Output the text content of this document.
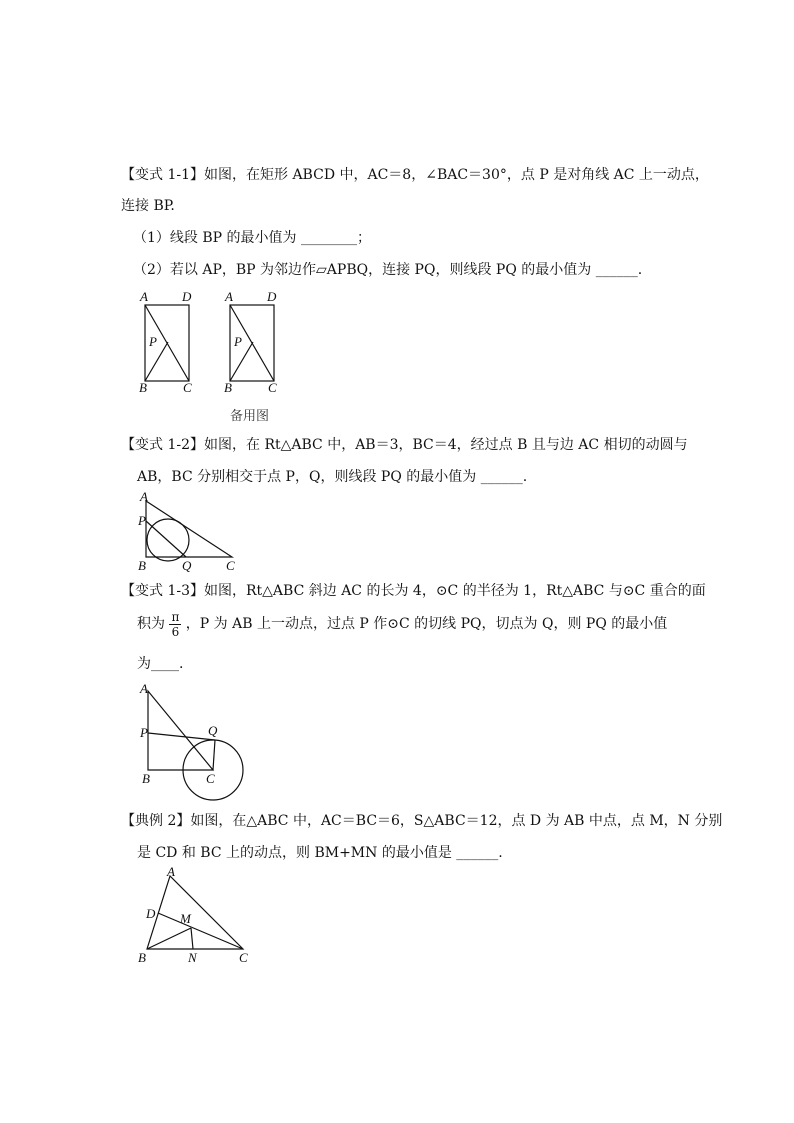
【变式 1-1】如图，在矩形 ABCD 中，AC＝8，∠BAC＝30°，点 P 是对角线 AC 上一动点，
连接 BP.
（1）线段 BP 的最小值为 ________；
（2）若以 AP，BP 为邻边作▱APBQ，连接 PQ，则线段 PQ 的最小值为 ______.
A	D
P
B	C
A	D
P
B	C
备用图
【变式 1-2】如图，在 Rt△ABC 中，AB＝3，BC＝4，经过点 B 且与边 AC 相切的动圆与
AB，BC 分别相交于点 P，Q，则线段 PQ 的最小值为 ______.
A
P
B	Q	C
【变式 1-3】如图，Rt△ABC 斜边 AC 的长为 4，⊙C 的半径为 1，Rt△ABC 与⊙C 重合的面
积为 $\frac{\pi}{6}$ ，P 为 AB 上一动点，过点 P 作⊙C 的切线 PQ，切点为 Q，则 PQ 的最小值
为____.
A
P	Q
B	C
【典例 2】如图，在△ABC 中，AC＝BC＝6，S△ABC＝12，点 D 为 AB 中点，点 M，N 分别
是 CD 和 BC 上的动点，则 BM+MN 的最小值是 ______.
A
D M
B	N	C
